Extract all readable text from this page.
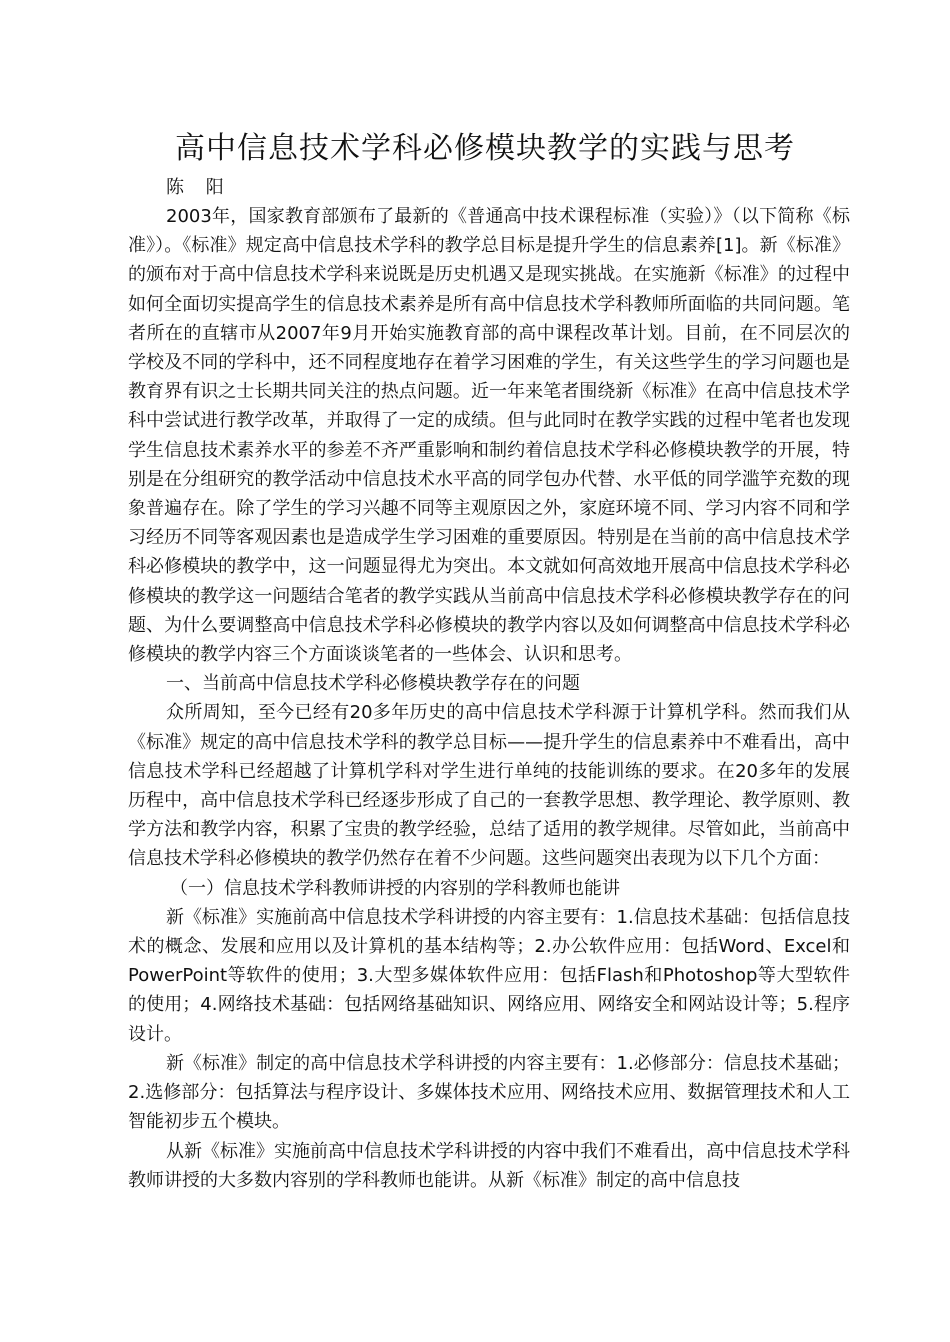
高中信息技术学科必修模块教学的实践与思考

陈 阳

2003年，国家教育部颁布了最新的《普通高中技术课程标准（实验）》（以下简称《标准》）。《标准》规定高中信息技术学科的教学总目标是提升学生的信息素养[1]。新《标准》的颁布对于高中信息技术学科来说既是历史机遇又是现实挑战。在实施新《标准》的过程中如何全面切实提高学生的信息技术素养是所有高中信息技术学科教师所面临的共同问题。笔者所在的直辖市从2007年9月开始实施教育部的高中课程改革计划。目前，在不同层次的学校及不同的学科中，还不同程度地存在着学习困难的学生，有关这些学生的学习问题也是教育界有识之士长期共同关注的热点问题。近一年来笔者围绕新《标准》在高中信息技术学科中尝试进行教学改革，并取得了一定的成绩。但与此同时在教学实践的过程中笔者也发现学生信息技术素养水平的参差不齐严重影响和制约着信息技术学科必修模块教学的开展，特别是在分组研究的教学活动中信息技术水平高的同学包办代替、水平低的同学滥竽充数的现象普遍存在。除了学生的学习兴趣不同等主观原因之外，家庭环境不同、学习内容不同和学习经历不同等客观因素也是造成学生学习困难的重要原因。特别是在当前的高中信息技术学科必修模块的教学中，这一问题显得尤为突出。本文就如何高效地开展高中信息技术学科必修模块的教学这一问题结合笔者的教学实践从当前高中信息技术学科必修模块教学存在的问题、为什么要调整高中信息技术学科必修模块的教学内容以及如何调整高中信息技术学科必修模块的教学内容三个方面谈谈笔者的一些体会、认识和思考。

一、当前高中信息技术学科必修模块教学存在的问题

众所周知，至今已经有20多年历史的高中信息技术学科源于计算机学科。然而我们从《标准》规定的高中信息技术学科的教学总目标——提升学生的信息素养中不难看出，高中信息技术学科已经超越了计算机学科对学生进行单纯的技能训练的要求。在20多年的发展历程中，高中信息技术学科已经逐步形成了自己的一套教学思想、教学理论、教学原则、教学方法和教学内容，积累了宝贵的教学经验，总结了适用的教学规律。尽管如此，当前高中信息技术学科必修模块的教学仍然存在着不少问题。这些问题突出表现为以下几个方面：

（一）信息技术学科教师讲授的内容别的学科教师也能讲

新《标准》实施前高中信息技术学科讲授的内容主要有：1.信息技术基础：包括信息技术的概念、发展和应用以及计算机的基本结构等；2.办公软件应用：包括Word、Excel和PowerPoint等软件的使用；3.大型多媒体软件应用：包括Flash和Photoshop等大型软件的使用；4.网络技术基础：包括网络基础知识、网络应用、网络安全和网站设计等；5.程序设计。

新《标准》制定的高中信息技术学科讲授的内容主要有：1.必修部分：信息技术基础；2.选修部分：包括算法与程序设计、多媒体技术应用、网络技术应用、数据管理技术和人工智能初步五个模块。

从新《标准》实施前高中信息技术学科讲授的内容中我们不难看出，高中信息技术学科教师讲授的大多数内容别的学科教师也能讲。从新《标准》制定的高中信息技
